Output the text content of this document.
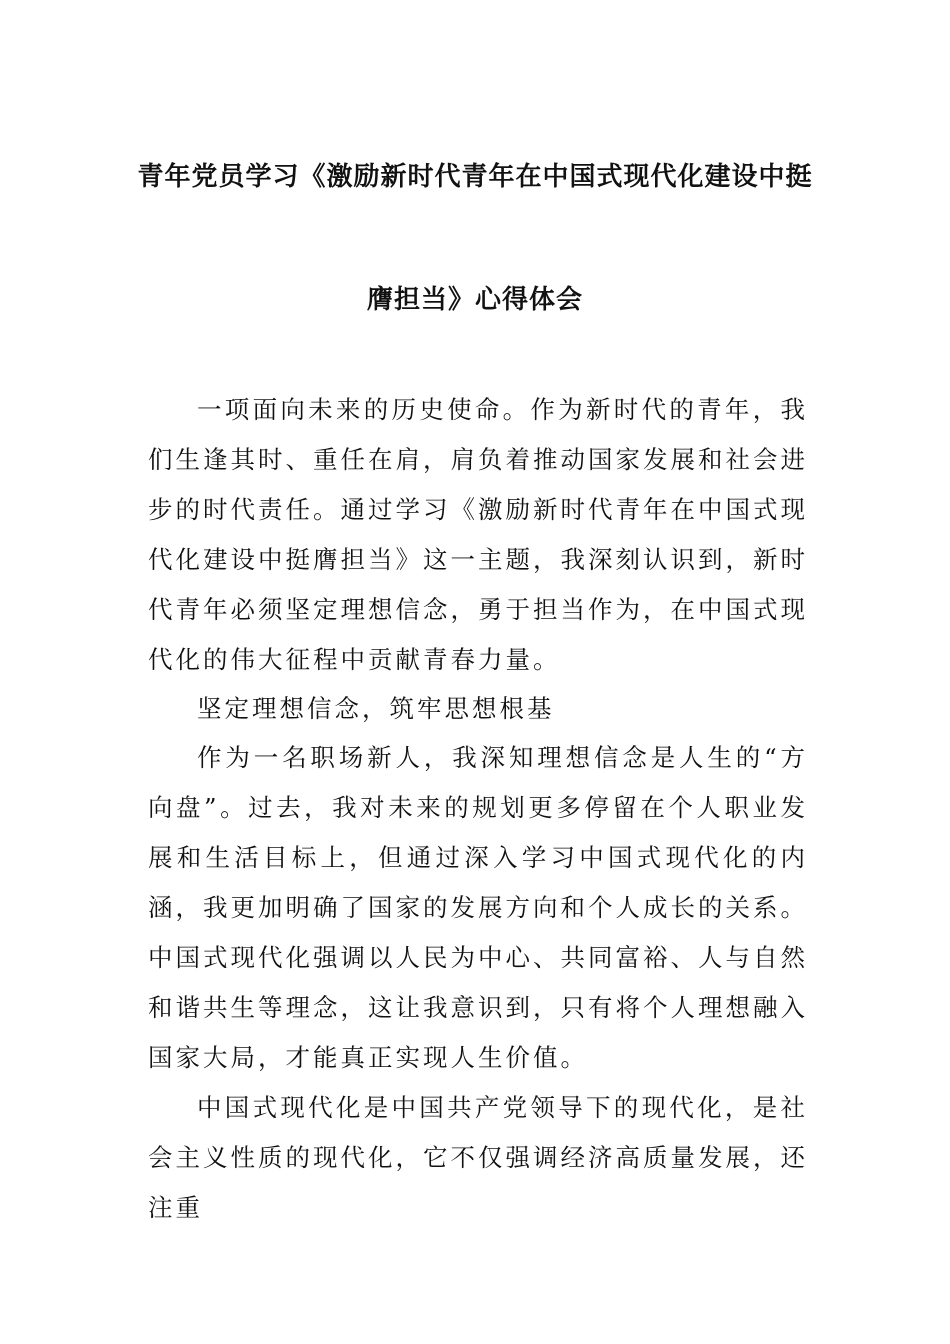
青年党员学习《激励新时代青年在中国式现代化建设中挺
膺担当》心得体会
一项面向未来的历史使命。作为新时代的青年，我们生逢其时、重任在肩，肩负着推动国家发展和社会进步的时代责任。通过学习《激励新时代青年在中国式现代化建设中挺膺担当》这一主题，我深刻认识到，新时代青年必须坚定理想信念，勇于担当作为，在中国式现代化的伟大征程中贡献青春力量。
坚定理想信念，筑牢思想根基
作为一名职场新人，我深知理想信念是人生的“方向盘”。过去，我对未来的规划更多停留在个人职业发展和生活目标上，但通过深入学习中国式现代化的内涵，我更加明确了国家的发展方向和个人成长的关系。中国式现代化强调以人民为中心、共同富裕、人与自然和谐共生等理念，这让我意识到，只有将个人理想融入国家大局，才能真正实现人生价值。
中国式现代化是中国共产党领导下的现代化，是社会主义性质的现代化，它不仅强调经济高质量发展，还注重
